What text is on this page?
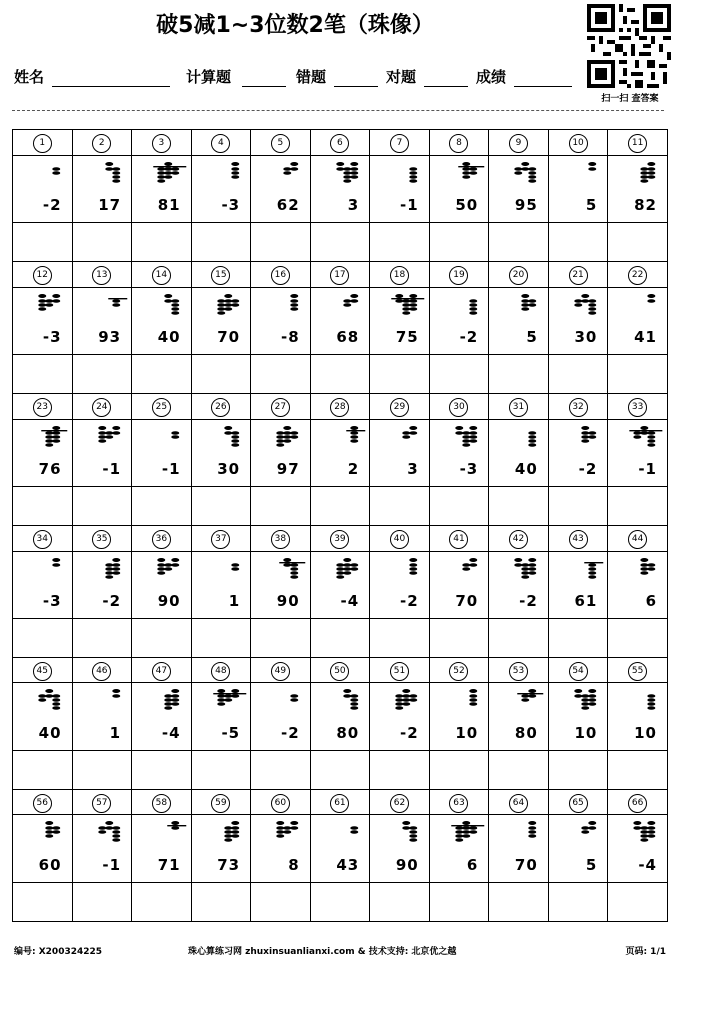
破5减1~3位数2笔（珠像）
姓名	计算题	错题	对题	成绩
扫一扫 查答案
1	2	3	4	5	6	7	8	9	10	11

-2	17	81	-3	62	3	-1	50	95	5	82

12	13	14	15	16	17	18	19	20	21	22

-3	93	40	70	-8	68	75	-2	5	30	41

23	24	25	26	27	28	29	30	31	32	33

76	-1	-1	30	97	2	3	-3	40	-2	-1

34	35	36	37	38	39	40	41	42	43	44

-3	-2	90	1	90	-4	-2	70	-2	61	6

45	46	47	48	49	50	51	52	53	54	55

40	1	-4	-5	-2	80	-2	10	80	10	10

56	57	58	59	60	61	62	63	64	65	66

60	-1	71	73	8	43	90	6	70	5	-4

编号: X200324225	珠心算练习网 zhuxinsuanlianxi.com & 技术支持: 北京优之越	页码: 1/1
